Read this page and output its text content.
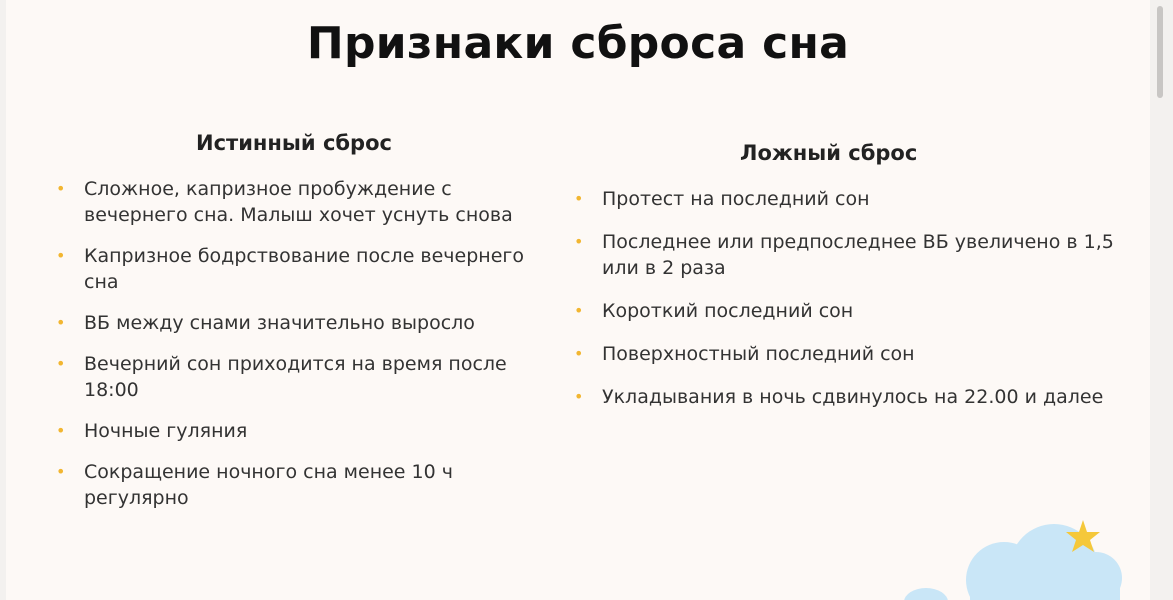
Признаки сброса сна
Истинный сброс
• Сложное, капризное пробуждение с вечернего сна. Малыш хочет уснуть снова
• Капризное бодрствование после вечернего сна
• ВБ между снами значительно выросло
• Вечерний сон приходится на время после 18:00
• Ночные гуляния
• Сокращение ночного сна менее 10 ч регулярно
Ложный сброс
• Протест на последний сон
• Последнее или предпоследнее ВБ увеличено в 1,5 или в 2 раза
• Короткий последний сон
• Поверхностный последний сон
• Укладывания в ночь сдвинулось на 22.00 и далее
